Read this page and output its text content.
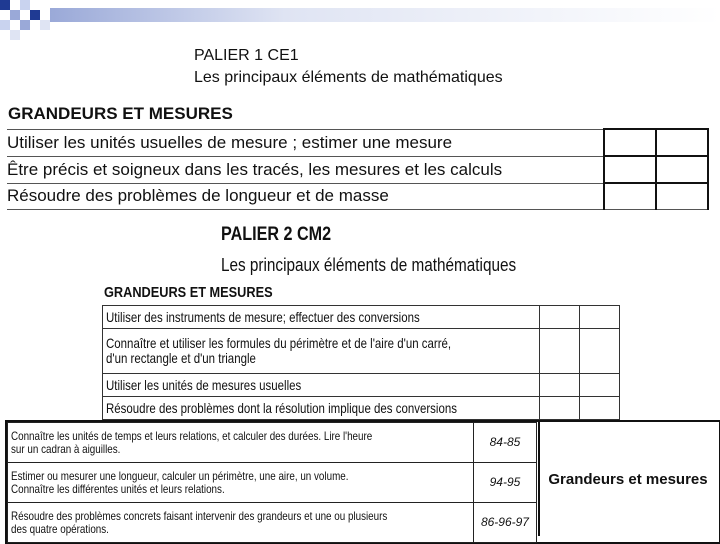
PALIER 1 CE1
Les principaux éléments de mathématiques
GRANDEURS ET MESURES
Utiliser les unités usuelles de mesure ; estimer une mesure		
Être précis et soigneux dans les tracés, les mesures et les calculs		
Résoudre des problèmes de longueur et de masse		
PALIER 2 CM2
Les principaux éléments de mathématiques
GRANDEURS ET MESURES
Utiliser des instruments de mesure; effectuer des conversions		
Connaître et utiliser les formules du périmètre et de l'aire d'un carré,
d'un rectangle et d'un triangle		
Utiliser les unités de mesures usuelles		
Résoudre des problèmes dont la résolution implique des conversions		
Connaître les unités de temps et leurs relations, et calculer des durées. Lire l'heure
sur un cadran à aiguilles.	84-85
Estimer ou mesurer une longueur, calculer un périmètre, une aire, un volume.
Connaître les différentes unités et leurs relations.	94-95
Résoudre des problèmes concrets faisant intervenir des grandeurs et une ou plusieurs
des quatre opérations.	86-96-97
Grandeurs et mesures
